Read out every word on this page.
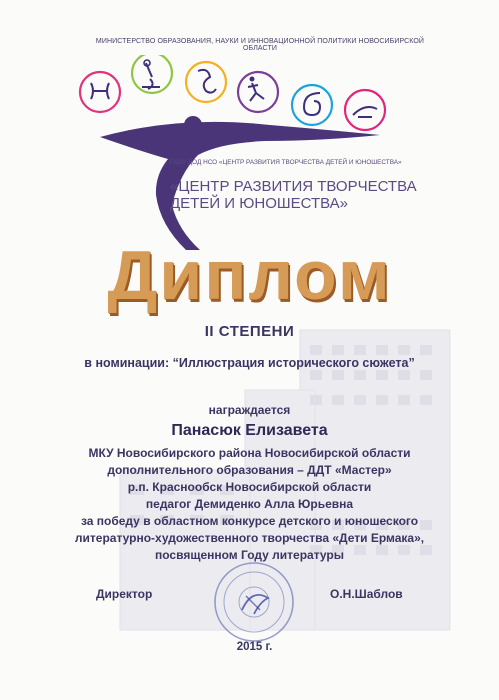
МИНИСТЕРСТВО ОБРАЗОВАНИЯ, НАУКИ И ИННОВАЦИОННОЙ ПОЛИТИКИ НОВОСИБИРСКОЙ ОБЛАСТИ
ГАОУ ДОД НСО «ЦЕНТР РАЗВИТИЯ ТВОРЧЕСТВА ДЕТЕЙ И ЮНОШЕСТВА»
«ЦЕНТР РАЗВИТИЯ ТВОРЧЕСТВА
ДЕТЕЙ И ЮНОШЕСТВА»
Диплом
II СТЕПЕНИ
в номинации: “Иллюстрация исторического сюжета”
награждается
Панасюк Елизавета
МКУ Новосибирского района Новосибирской области
дополнительного образования – ДДТ «Мастер»
р.п. Краснообск Новосибирской области
педагог Демиденко Алла Юрьевна
за победу в областном конкурсе детского и юношеского
литературно-художественного творчества «Дети Ермака»,
посвященном Году литературы
Директор	О.Н.Шаблов
2015 г.
